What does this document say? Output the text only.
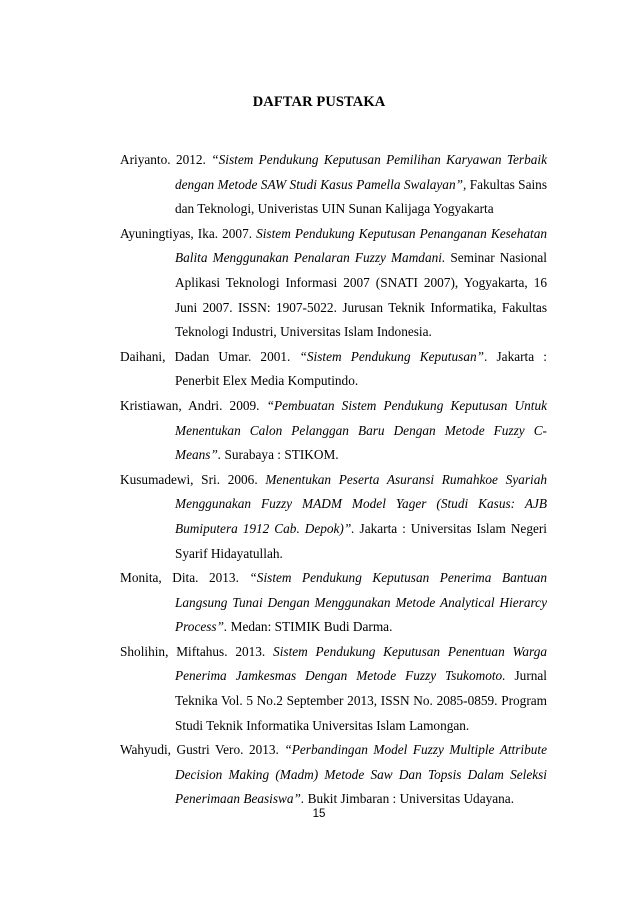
DAFTAR PUSTAKA

Ariyanto. 2012. “Sistem Pendukung Keputusan Pemilihan Karyawan Terbaik dengan Metode SAW Studi Kasus Pamella Swalayan”, Fakultas Sains dan Teknologi, Univeristas UIN Sunan Kalijaga Yogyakarta

Ayuningtiyas, Ika. 2007. Sistem Pendukung Keputusan Penanganan Kesehatan Balita Menggunakan Penalaran Fuzzy Mamdani. Seminar Nasional Aplikasi Teknologi Informasi 2007 (SNATI 2007), Yogyakarta, 16 Juni 2007. ISSN: 1907-5022. Jurusan Teknik Informatika, Fakultas Teknologi Industri, Universitas Islam Indonesia.

Daihani, Dadan Umar. 2001. “Sistem Pendukung Keputusan”. Jakarta : Penerbit Elex Media Komputindo.

Kristiawan, Andri. 2009. “Pembuatan Sistem Pendukung Keputusan Untuk Menentukan Calon Pelanggan Baru Dengan Metode Fuzzy C-Means”. Surabaya : STIKOM.

Kusumadewi, Sri. 2006. Menentukan Peserta Asuransi Rumahkoe Syariah Menggunakan Fuzzy MADM Model Yager (Studi Kasus: AJB Bumiputera 1912 Cab. Depok)”. Jakarta : Universitas Islam Negeri Syarif Hidayatullah.

Monita, Dita. 2013. “Sistem Pendukung Keputusan Penerima Bantuan Langsung Tunai Dengan Menggunakan Metode Analytical Hierarcy Process”. Medan: STIMIK Budi Darma.

Sholihin, Miftahus. 2013. Sistem Pendukung Keputusan Penentuan Warga Penerima Jamkesmas Dengan Metode Fuzzy Tsukomoto. Jurnal Teknika Vol. 5 No.2 September 2013, ISSN No. 2085-0859. Program Studi Teknik Informatika Universitas Islam Lamongan.

Wahyudi, Gustri Vero. 2013. “Perbandingan Model Fuzzy Multiple Attribute Decision Making (Madm) Metode Saw Dan Topsis Dalam Seleksi Penerimaan Beasiswa”. Bukit Jimbaran : Universitas Udayana.

15
